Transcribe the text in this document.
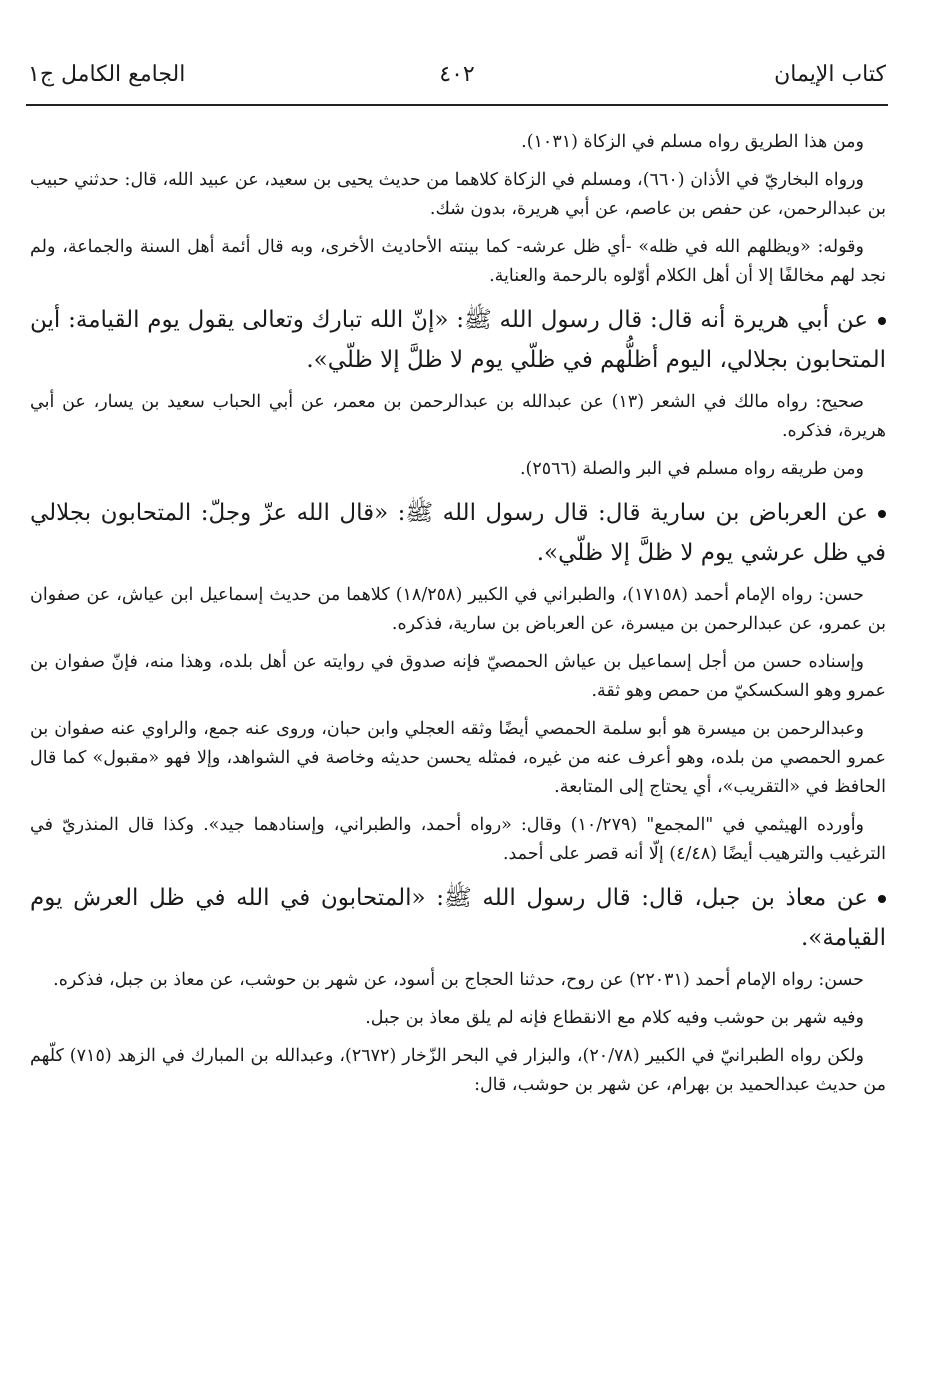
كتاب الإيمان
٤٠٢
الجامع الكامل ج١

ومن هذا الطريق رواه مسلم في الزكاة (١٠٣١).

ورواه البخاريّ في الأذان (٦٦٠)، ومسلم في الزكاة كلاهما من حديث يحيى بن سعيد، عن عبيد الله، قال: حدثني حبيب بن عبدالرحمن، عن حفص بن عاصم، عن أبي هريرة، بدون شك.

وقوله: «ويظلهم الله في ظله» -أي ظل عرشه- كما بينته الأحاديث الأخرى، وبه قال أئمة أهل السنة والجماعة، ولم نجد لهم مخالفًا إلا أن أهل الكلام أوّلوه بالرحمة والعناية.

عن أبي هريرة أنه قال: قال رسول الله ﷺ: «إنّ الله تبارك وتعالى يقول يوم القيامة: أين المتحابون بجلالي، اليوم أظلُّهم في ظلّي يوم لا ظلَّ إلا ظلّي».

صحيح: رواه مالك في الشعر (١٣) عن عبدالله بن عبدالرحمن بن معمر، عن أبي الحباب سعيد بن يسار، عن أبي هريرة، فذكره.

ومن طريقه رواه مسلم في البر والصلة (٢٥٦٦).

عن العرباض بن سارية قال: قال رسول الله ﷺ: «قال الله عزّ وجلّ: المتحابون بجلالي في ظل عرشي يوم لا ظلَّ إلا ظلّي».

حسن: رواه الإمام أحمد (١٧١٥٨)، والطبراني في الكبير (١٨/٢٥٨) كلاهما من حديث إسماعيل ابن عياش، عن صفوان بن عمرو، عن عبدالرحمن بن ميسرة، عن العرباض بن سارية، فذكره.

وإسناده حسن من أجل إسماعيل بن عياش الحمصيّ فإنه صدوق في روايته عن أهل بلده، وهذا منه، فإنّ صفوان بن عمرو وهو السكسكيّ من حمص وهو ثقة.

وعبدالرحمن بن ميسرة هو أبو سلمة الحمصي أيضًا وثقه العجلي وابن حبان، وروى عنه جمع، والراوي عنه صفوان بن عمرو الحمصي من بلده، وهو أعرف عنه من غيره، فمثله يحسن حديثه وخاصة في الشواهد، وإلا فهو «مقبول» كما قال الحافظ في «التقريب»، أي يحتاج إلى المتابعة.

وأورده الهيثمي في "المجمع" (١٠/٢٧٩) وقال: «رواه أحمد، والطبراني، وإسنادهما جيد». وكذا قال المنذريّ في الترغيب والترهيب أيضًا (٤/٤٨) إلّا أنه قصر على أحمد.

عن معاذ بن جبل، قال: قال رسول الله ﷺ: «المتحابون في الله في ظل العرش يوم القيامة».

حسن: رواه الإمام أحمد (٢٢٠٣١) عن روح، حدثنا الحجاج بن أسود، عن شهر بن حوشب، عن معاذ بن جبل، فذكره.

وفيه شهر بن حوشب وفيه كلام مع الانقطاع فإنه لم يلق معاذ بن جبل.

ولكن رواه الطبرانيّ في الكبير (٢٠/٧٨)، والبزار في البحر الزّخار (٢٦٧٢)، وعبدالله بن المبارك في الزهد (٧١٥) كلّهم من حديث عبدالحميد بن بهرام، عن شهر بن حوشب، قال:
